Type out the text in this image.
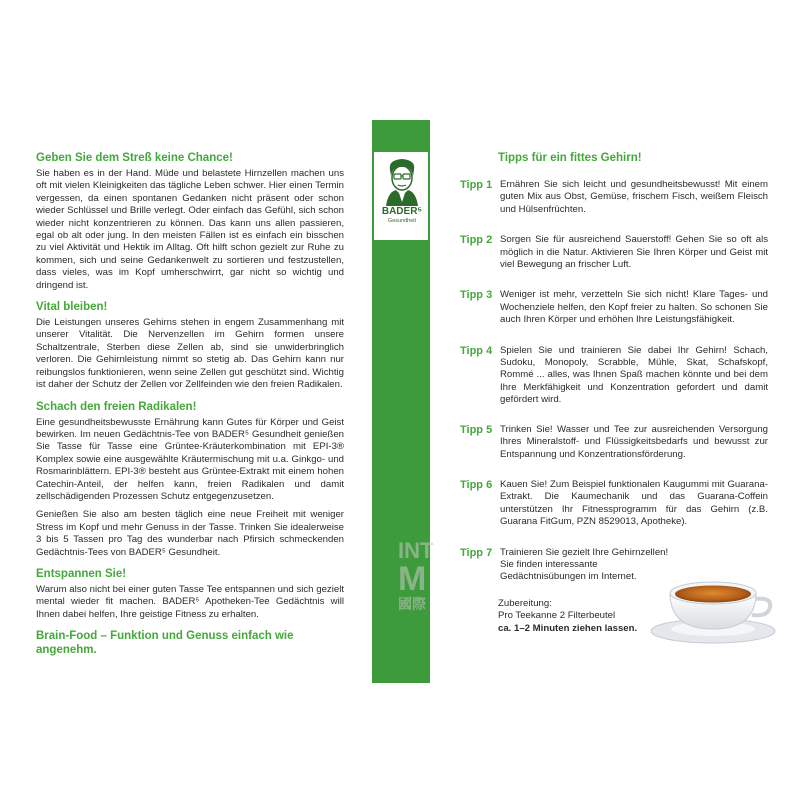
Geben Sie dem Streß keine Chance!

Sie haben es in der Hand. Müde und belastete Hirnzellen machen uns oft mit vielen Kleinigkeiten das tägliche Leben schwer. Hier einen Termin vergessen, da einen spontanen Gedanken nicht präsent oder schon wieder Schlüssel und Brille verlegt. Oder einfach das Gefühl, sich schon wieder nicht konzentrieren zu können. Das kann uns allen passieren, egal ob alt oder jung. In den meisten Fällen ist es einfach ein bisschen zu viel Aktivität und Hektik im Alltag. Oft hilft schon gezielt zur Ruhe zu kommen, sich und seine Gedankenwelt zu sortieren und festzustellen, dass vieles, was im Kopf umherschwirrt, gar nicht so wichtig und dringend ist.

Vital bleiben!

Die Leistungen unseres Gehirns stehen in engem Zusammenhang mit unserer Vitalität. Die Nervenzellen im Gehirn formen unsere Schaltzentrale, Sterben diese Zellen ab, sind sie unwiderbringlich verloren. Die Gehirnleistung nimmt so stetig ab. Das Gehirn kann nur reibungslos funktionieren, wenn seine Zellen gut geschützt sind. Wichtig ist daher der Schutz der Zellen vor Zellfeinden wie den freien Radikalen.

Schach den freien Radikalen!

Eine gesundheitsbewusste Ernährung kann Gutes für Körper und Geist bewirken. Im neuen Gedächtnis-Tee von BADER⁵ Gesundheit genießen Sie Tasse für Tasse eine Grüntee-Kräuterkombination mit EPI-3® Komplex sowie eine ausgewählte Kräutermischung mit u.a. Ginkgo- und Rosmarinblättern. EPI-3® besteht aus Grüntee-Extrakt mit einem hohen Catechin-Anteil, der helfen kann, freien Radikalen und damit zellschädigenden Prozessen Schutz entgegenzusetzen.

Genießen Sie also am besten täglich eine neue Freiheit mit weniger Stress im Kopf und mehr Genuss in der Tasse. Trinken Sie idealerweise 3 bis 5 Tassen pro Tag des wunderbar nach Pfirsich schmeckenden Gedächtnis-Tees von BADER⁵ Gesundheit.

Entspannen Sie!

Warum also nicht bei einer guten Tasse Tee entspannen und sich gezielt mental wieder fit machen. BADER⁵ Apotheken-Tee Gedächtnis will Ihnen dabei helfen, Ihre geistige Fitness zu erhalten.

Brain-Food – Funktion und Genuss einfach wie angenehm.
RALF
BADER⁵
Gesundheit
INT
M
國際
Tipps für ein fittes Gehirn!
Tipp 1 Ernähren Sie sich leicht und gesundheitsbewusst! Mit einem guten Mix aus Obst, Gemüse, frischem Fisch, weißem Fleisch und Hülsenfrüchten.
Tipp 2 Sorgen Sie für ausreichend Sauerstoff! Gehen Sie so oft als möglich in die Natur. Aktivieren Sie Ihren Körper und Geist mit viel Bewegung an frischer Luft.
Tipp 3 Weniger ist mehr, verzetteln Sie sich nicht! Klare Tages- und Wochenziele helfen, den Kopf freier zu halten. So schonen Sie auch Ihren Körper und erhöhen Ihre Leistungsfähigkeit.
Tipp 4 Spielen Sie und trainieren Sie dabei Ihr Gehirn! Schach, Sudoku, Monopoly, Scrabble, Mühle, Skat, Schafskopf, Rommé ... alles, was Ihnen Spaß machen könnte und bei dem Ihre Merkfähigkeit und Konzentration gefordert und damit gefördert wird.
Tipp 5 Trinken Sie! Wasser und Tee zur ausreichenden Versorgung Ihres Mineralstoff- und Flüssigkeitsbedarfs und bewusst zur Entspannung und Konzentrationsförderung.
Tipp 6 Kauen Sie! Zum Beispiel funktionalen Kaugummi mit Guarana-Extrakt. Die Kaumechanik und das Guarana-Coffein unterstützen Ihr Fitnessprogramm für das Gehirn (z.B. Guarana FitGum, PZN 8529013, Apotheke).
Tipp 7 Trainieren Sie gezielt Ihre Gehirnzellen! Sie finden interessante Gedächtnisübungen im Internet.
Zubereitung:
Pro Teekanne 2 Filterbeutel
ca. 1–2 Minuten ziehen lassen.
